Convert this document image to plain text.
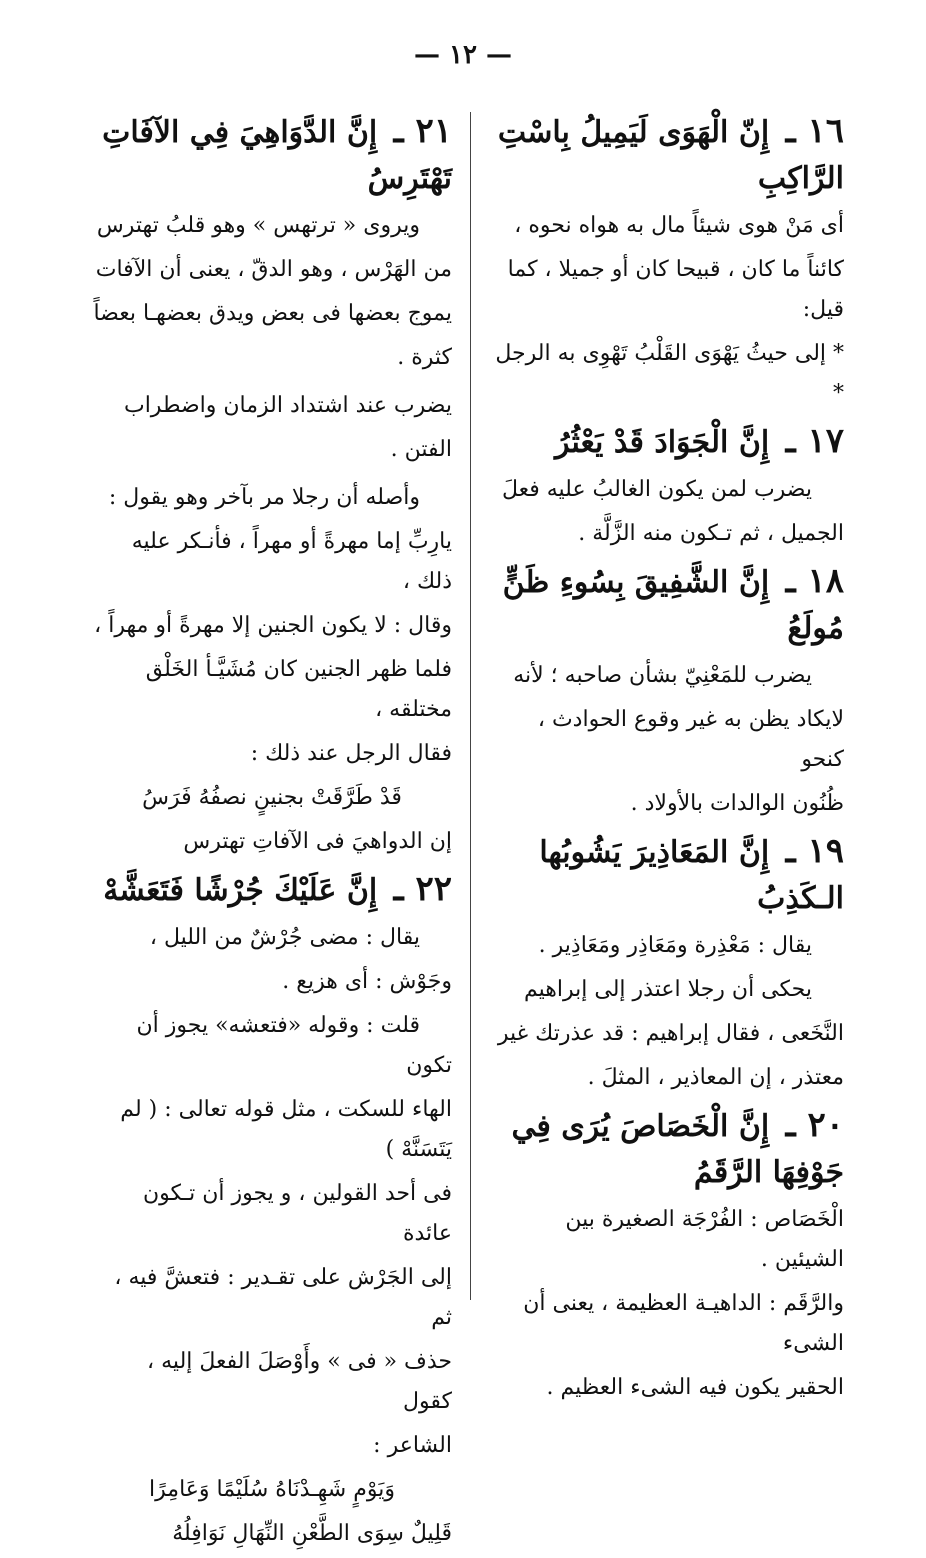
— ١٢ —
١٦ ـ إِنّ الْهَوَى لَيَمِيلُ بِاسْتِ الرَّاكِبِ

أى مَنْ هوى شيئاً مال به هواه نحوه ،

كائناً ما كان ، قبيحا كان أو جميلا ، كما قيل:

* إلى حيثُ يَهْوَى القَلْبُ تَهْوِى به الرجل *

١٧ ـ إِنَّ الْجَوَادَ قَدْ يَعْثُرُ

يضرب لمن يكون الغالبُ عليه فعلَ

الجميل ، ثم تـكون منه الزَّلَّة .

١٨ ـ إِنَّ الشَّفِيقَ بِسُوءِ ظَنٍّ مُولَعُ

يضرب للمَعْنِيّ بشأن صاحبه ؛ لأنه

لايكاد يظن به غير وقوع الحوادث ، كنحو

ظُنُون الوالدات بالأولاد .

١٩ ـ إِنَّ المَعَاذِيرَ يَشُوبُها الـكَذِبُ

يقال : مَعْذِرة ومَعَاذِر ومَعَاذِير .

يحكى أن رجلا اعتذر إلى إبراهيم

النَّخَعى ، فقال إبراهيم : قد عذرتك غير

معتذر ، إن المعاذير ، المثلَ .

٢٠ ـ إِنَّ الْخَصَاصَ يُرَى فِي جَوْفِهَا الرَّقَمُ

الْخَصَاص : الفُرْجَة الصغيرة بين الشيئين .

والرَّقَم : الداهيـة العظيمة ، يعنى أن الشىء

الحقير يكون فيه الشىء العظيم .

٢١ ـ إِنَّ الدَّوَاهِيَ فِي الآفَاتِ تَهْتَرِسُ

ويروى « ترتهس » وهو قلبُ تهترس

من الهَرْس ، وهو الدقّ ، يعنى أن الآفات

يموج بعضها فى بعض ويدق بعضهـا بعضاً

كثرة .

يضرب عند اشتداد الزمان واضطراب

الفتن .

وأصله أن رجلا مر بآخر وهو يقول :

يارِبِّ إما مهرةً أو مهراً ، فأنـكر عليه ذلك ،

وقال : لا يكون الجنين إلا مهرةً أو مهراً ،

فلما ظهر الجنين كان مُشَيَّـأ الخَلْق مختلقه ،

فقال الرجل عند ذلك :

قَدْ طَرَّقَتْ بجنينٍ نصفُهُ فَرَسُ

إن الدواهيَ فى الآفاتِ تهترس

٢٢ ـ إِنَّ عَلَيْكَ جُرْشًا فَتَعَشَّهْ

يقال : مضى جُرْشٌ من الليل ،

وجَوْش : أى هزيع .

قلت : وقوله «فتعشه» يجوز أن تكون

الهاء للسكت ، مثل قوله تعالى : ( لم يَتَسَنَّهْ )

فى أحد القولين ، و يجوز أن تـكون عائدة

إلى الجَرْش على تقـدير : فتعشَّ فيه ، ثم

حذف « فى » وأَوْصَلَ الفعلَ إليه ، كقول

الشاعر :

وَيَوْمٍ شَهِـدْنَاهُ سُلَيْمًا وَعَامِرًا

قَلِيلٌ سِوَى الطَّعْنِ النِّهَالِ نَوَافِلُهُ
